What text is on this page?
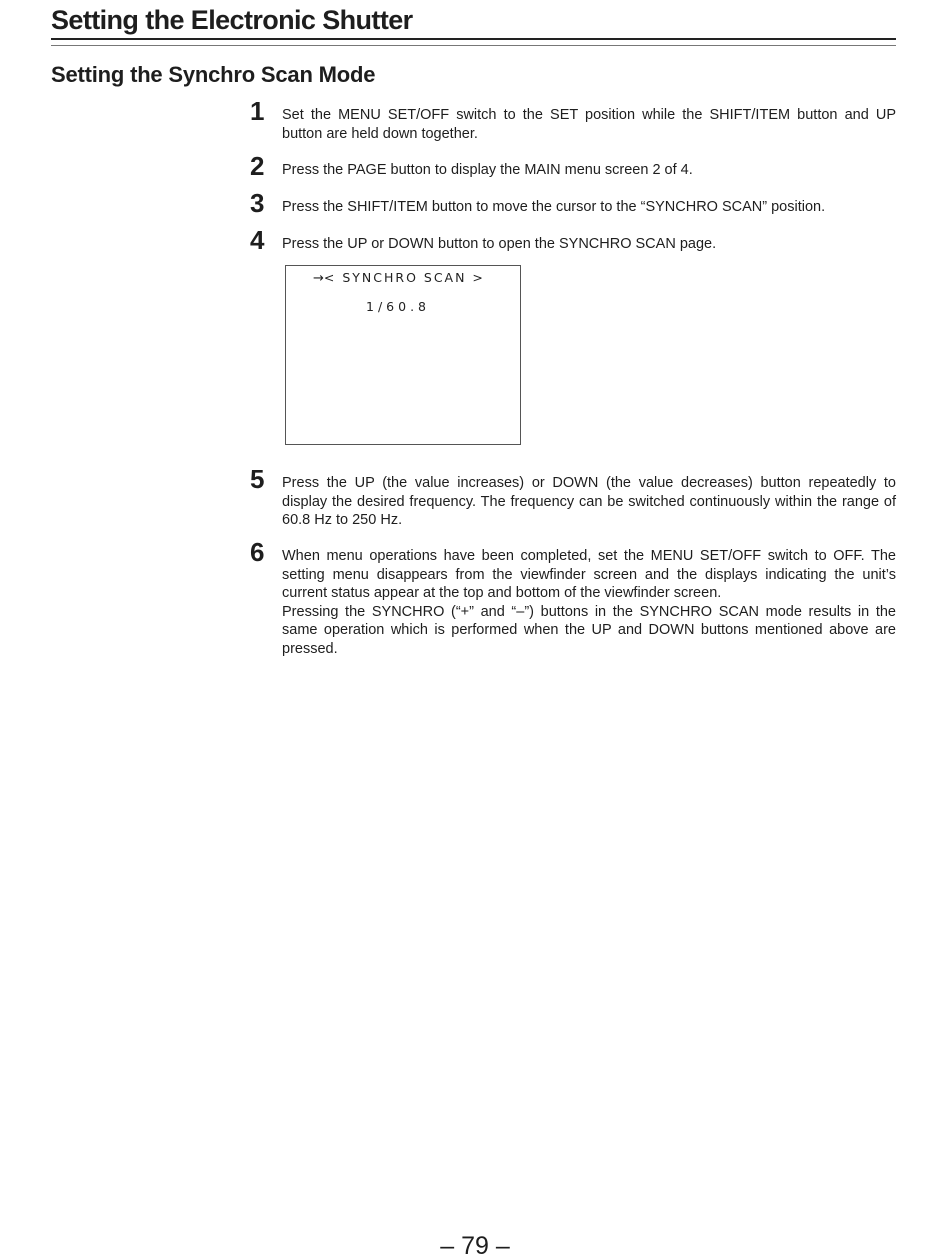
Setting the Electronic Shutter
Setting the Synchro Scan Mode
1	Set the MENU SET/OFF switch to the SET position while the SHIFT/ITEM button and UP button are held down together.

2	Press the PAGE button to display the MAIN menu screen 2 of 4.

3	Press the SHIFT/ITEM button to move the cursor to the “SYNCHRO SCAN” position.

4	Press the UP or DOWN button to open the SYNCHRO SCAN page.

→< SYNCHRO SCAN >
1/60.8
5	Press the UP (the value increases) or DOWN (the value decreases) button repeatedly to display the desired frequency. The frequency can be switched continuously within the range of 60.8 Hz to 250 Hz.

6	When menu operations have been completed, set the MENU SET/OFF switch to OFF. The setting menu disappears from the viewfinder screen and the displays indicating the unit’s current status appear at the top and bottom of the viewfinder screen.

Pressing the SYNCHRO (“+” and “–”) buttons in the SYNCHRO SCAN mode results in the same operation which is performed when the UP and DOWN buttons mentioned above are pressed.

– 79 –
